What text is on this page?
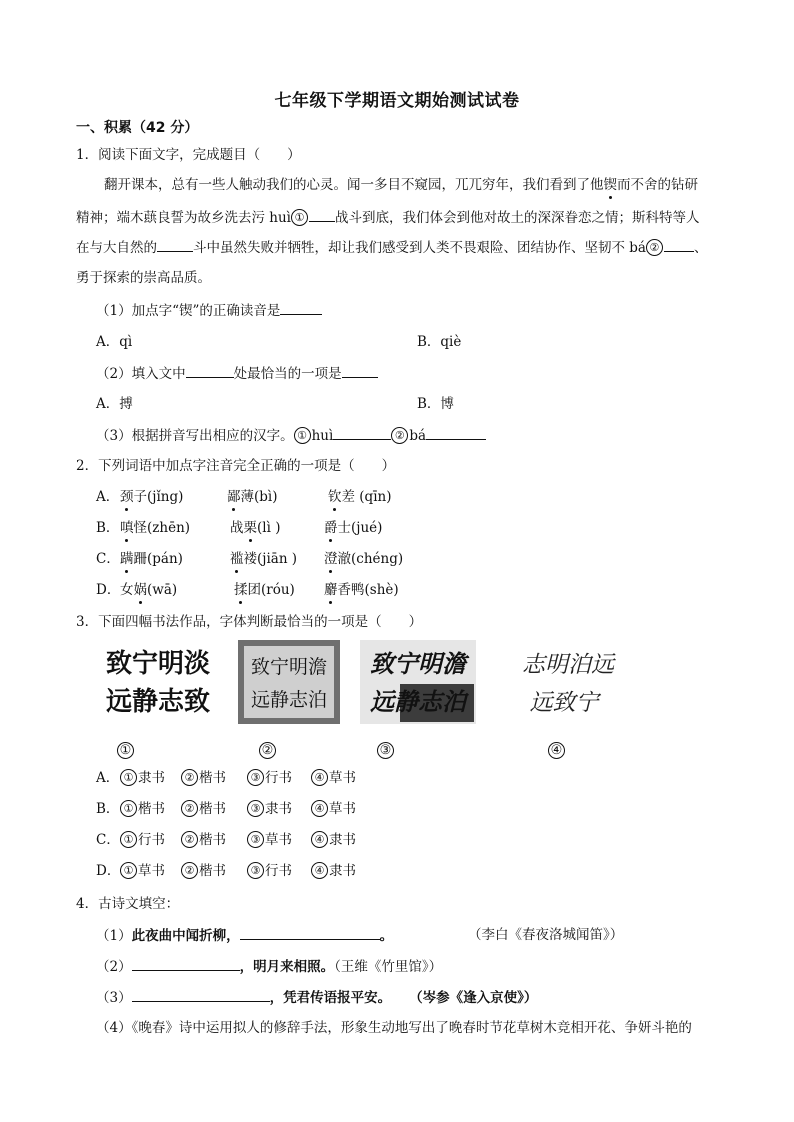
七年级下学期语文期始测试试卷
一、积累（42 分）
1．阅读下面文字，完成题目（　　）
翻开课本，总有一些人触动我们的心灵。闻一多目不窥园，兀兀穷年，我们看到了他锲而不舍的钻研
精神；端木蕻良誓为故乡洗去污 huì ① 战斗到底，我们体会到他对故土的深深眷恋之情；斯科特等人
在与大自然的	斗中虽然失败并牺牲，却让我们感受到人类不畏艰险、团结协作、坚韧不 bá ②	、
勇于探索的崇高品质。
（1）加点字“锲”的正确读音是
A．qì	B．qiè
（2）填入文中	处最恰当的一项是
A．搏	B．博
（3）根据拼音写出相应的汉字。 ① huì	② bá
2．下列词语中加点字注音完全正确的一项是（　　）
A． 颈子(jǐng)	鄙薄(bì)	钦差 (qīn)
B． 嗔怪(zhēn)	战栗(lì )	爵士(jué)
C． 蹒跚(pán)	褴褛(jiān ) 澄澈(chéng)
D． 女娲(wā)	揉团(róu) 麝香鸭(shè)
3．下面四幅书法作品，字体判断最恰当的一项是（　　）
致宁明淡
远静志致
致宁明澹
远静志泊
致宁明澹
远静志泊
志明泊远
远致宁
①	②	③	④
A． ① 隶书	② 楷书	③ 行书	④ 草书
B． ① 楷书	② 楷书	③ 隶书	④ 草书
C． ① 行书	② 楷书	③ 草书	④ 隶书
D． ① 草书	② 楷书	③ 行书	④ 隶书
4．古诗文填空：
（1）此夜曲中闻折柳，	。	（李白《春夜洛城闻笛》）
（2）	，明月来相照。（王维《竹里馆》）
（3）	，凭君传语报平安。 （岑参《逢入京使》）
（4）《晚春》诗中运用拟人的修辞手法，形象生动地写出了晚春时节花草树木竞相开花、争妍斗艳的
